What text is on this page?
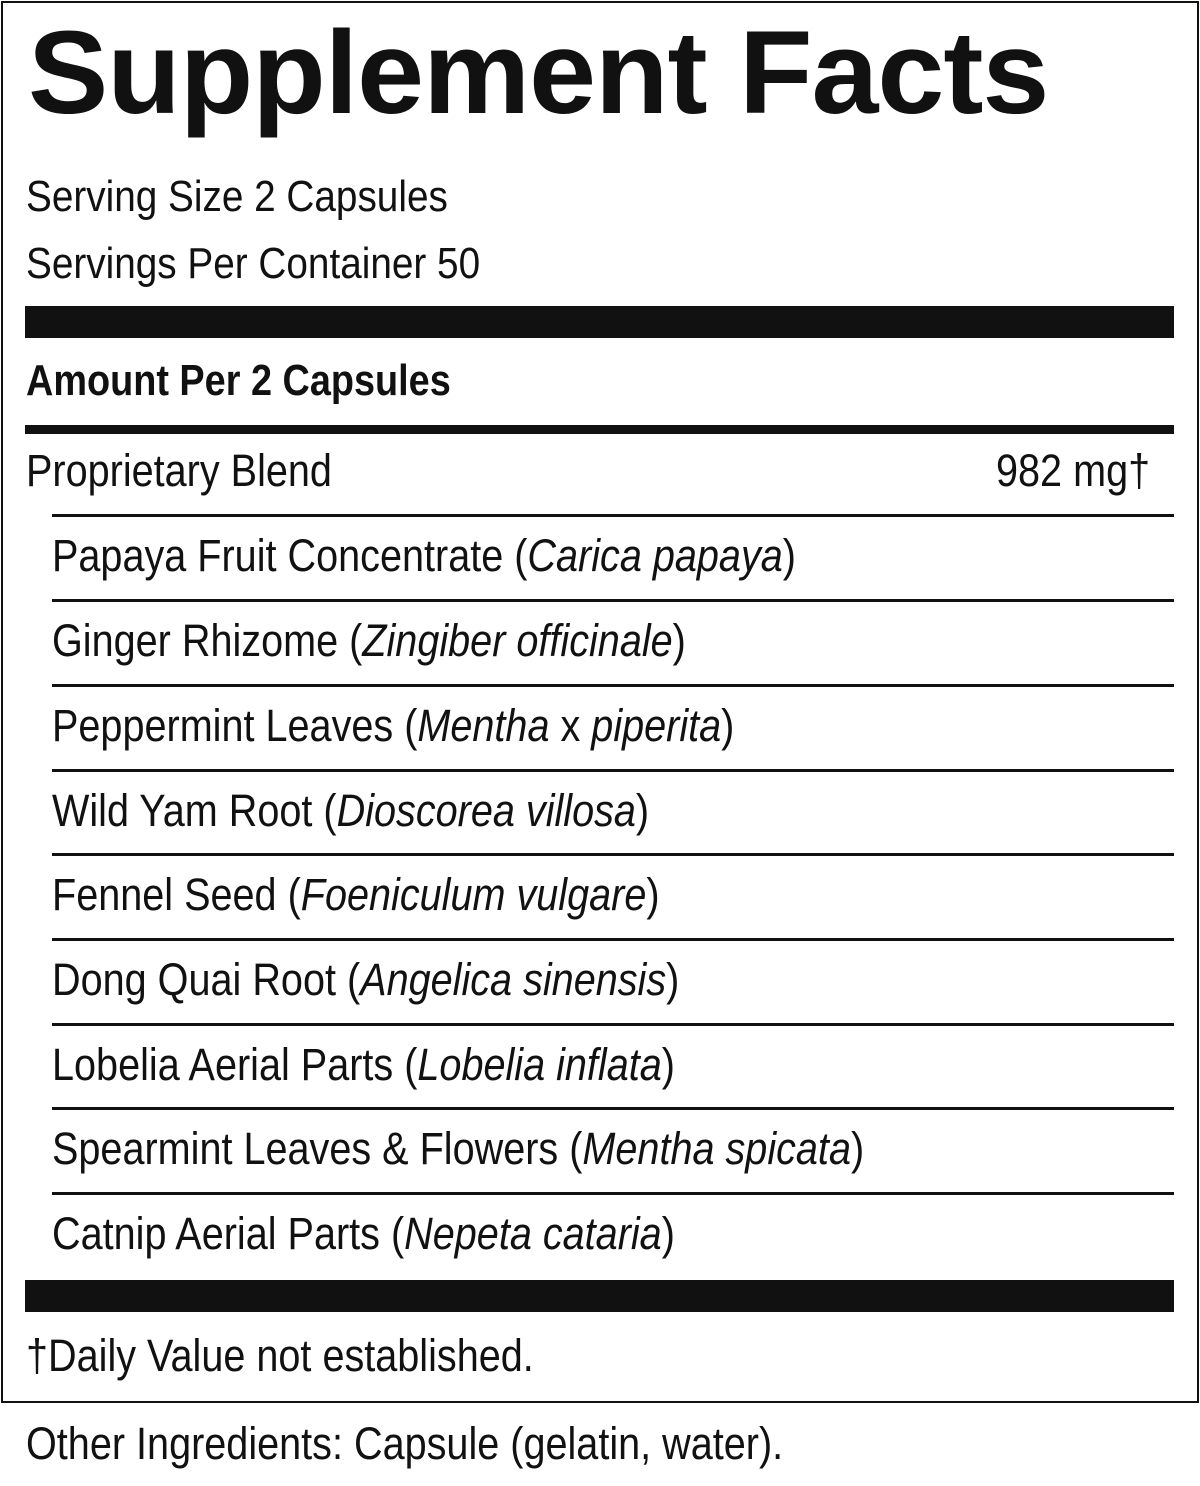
Supplement Facts
Serving Size 2 Capsules
Servings Per Container 50
Amount Per 2 Capsules
Proprietary Blend	982 mg†
Papaya Fruit Concentrate (Carica papaya)
Ginger Rhizome (Zingiber officinale)
Peppermint Leaves (Mentha x piperita)
Wild Yam Root (Dioscorea villosa)
Fennel Seed (Foeniculum vulgare)
Dong Quai Root (Angelica sinensis)
Lobelia Aerial Parts (Lobelia inflata)
Spearmint Leaves & Flowers (Mentha spicata)
Catnip Aerial Parts (Nepeta cataria)
†Daily Value not established.
Other Ingredients: Capsule (gelatin, water).
